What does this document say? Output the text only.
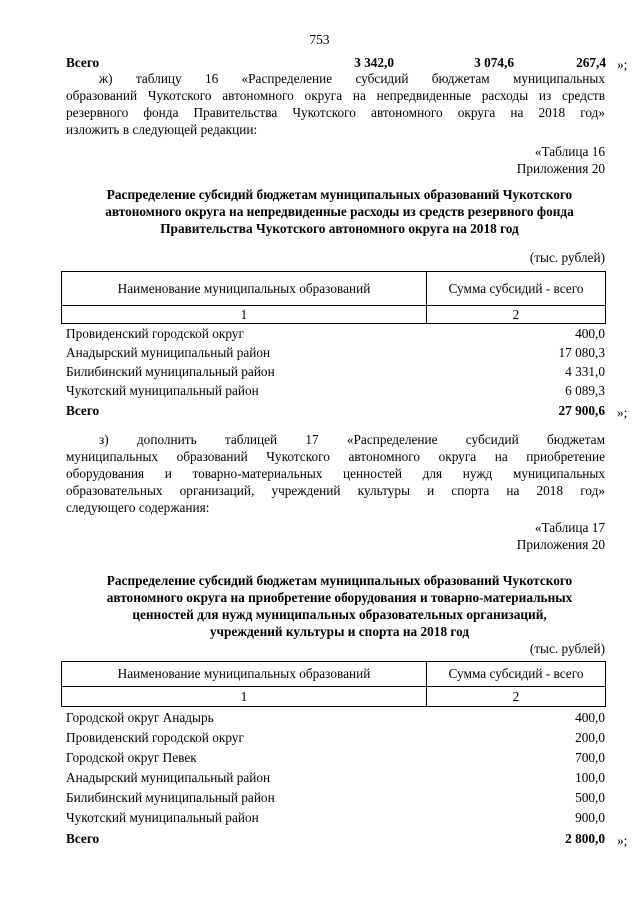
753
Всего	3 342,0	3 074,6	267,4 »;
ж) таблицу 16 «Распределение субсидий бюджетам муниципальных
образований Чукотского автономного округа на непредвиденные расходы из средств
резервного фонда Правительства Чукотского автономного округа на 2018 год»
изложить в следующей редакции:
«Таблица 16
Приложения 20
Распределение субсидий бюджетам муниципальных образований Чукотского
автономного округа на непредвиденные расходы из средств резервного фонда
Правительства Чукотского автономного округа на 2018 год
(тыс. рублей)
Наименование муниципальных образований	Сумма субсидий - всего
1	2
Провиденский городской округ	400,0
Анадырский муниципальный район	17 080,3
Билибинский муниципальный район	4 331,0
Чукотский муниципальный район	6 089,3
Всего	27 900,6 »;
з) дополнить таблицей 17 «Распределение субсидий бюджетам
муниципальных образований Чукотского автономного округа на приобретение
оборудования и товарно-материальных ценностей для нужд муниципальных
образовательных организаций, учреждений культуры и спорта на 2018 год»
следующего содержания:
«Таблица 17
Приложения 20
Распределение субсидий бюджетам муниципальных образований Чукотского
автономного округа на приобретение оборудования и товарно-материальных
ценностей для нужд муниципальных образовательных организаций,
учреждений культуры и спорта на 2018 год
(тыс. рублей)
Наименование муниципальных образований	Сумма субсидий - всего
1	2
Городской округ Анадырь	400,0
Провиденский городской округ	200,0
Городской округ Певек	700,0
Анадырский муниципальный район	100,0
Билибинский муниципальный район	500,0
Чукотский муниципальный район	900,0
Всего	2 800,0 »;
